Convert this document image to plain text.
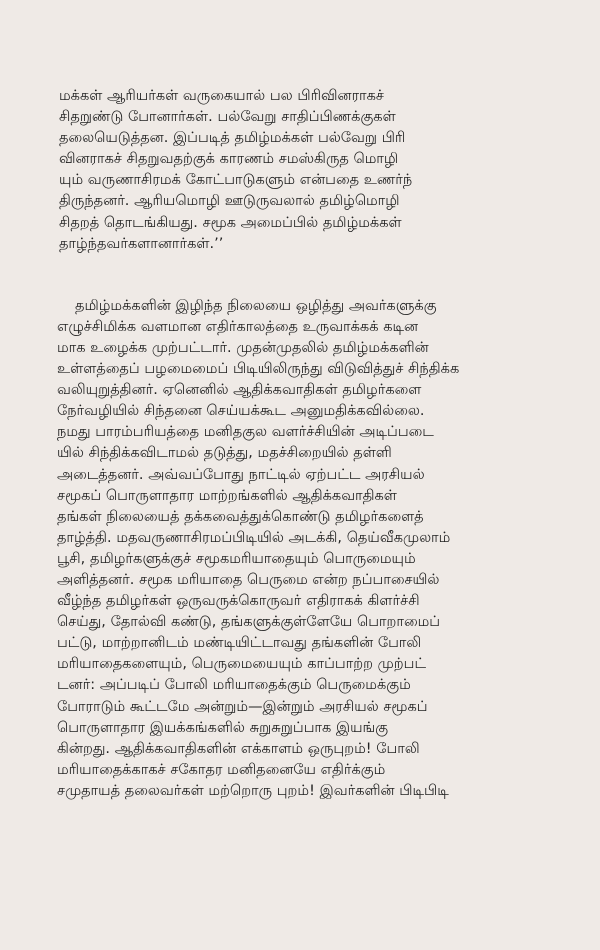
மக்கள் ஆரியர்கள் வருகையால் பல பிரிவினராகச்
சிதறுண்டு போனார்கள். பல்வேறு சாதிப்பிணக்குகள்
தலையெடுத்தன. இப்படித் தமிழ்மக்கள் பல்வேறு பிரி
வினராகச் சிதறுவதற்குக் காரணம் சமஸ்கிருத மொழி
யும் வருணாசிரமக் கோட்பாடுகளும் என்பதை உணர்ந்
திருந்தனர். ஆரியமொழி ஊடுருவலால் தமிழ்மொழி
சிதறத் தொடங்கியது. சமூக அமைப்பில் தமிழ்மக்கள்
தாழ்ந்தவர்களானார்கள்.’’
தமிழ்மக்களின் இழிந்த நிலையை ஒழித்து அவர்களுக்கு
எழுச்சிமிக்க வளமான எதிர்காலத்தை உருவாக்கக் கடின
மாக உழைக்க முற்பட்டார். முதன்முதலில் தமிழ்மக்களின்
உள்ளத்தைப் பழமைமைப் பிடியிலிருந்து விடுவித்துச் சிந்திக்க
வலியுறுத்தினர். ஏனெனில் ஆதிக்கவாதிகள் தமிழர்களை
நேர்வழியில் சிந்தனை செய்யக்கூட அனுமதிக்கவில்லை.
நமது பாரம்பரியத்தை மனிதகுல வளர்ச்சியின் அடிப்படை
யில் சிந்திக்கவிடாமல் தடுத்து, மதச்சிறையில் தள்ளி
அடைத்தனர். அவ்வப்போது நாட்டில் ஏற்பட்ட அரசியல்
சமூகப் பொருளாதார மாற்றங்களில் ஆதிக்கவாதிகள்
தங்கள் நிலையைத் தக்கவைத்துக்கொண்டு தமிழர்களைத்
தாழ்த்தி. மதவருணாசிரமப்பிடியில் அடக்கி, தெய்வீகமுலாம்
பூசி, தமிழர்களுக்குச் சமூகமரியாதையும் பொருமையும்
அளித்தனர். சமூக மரியாதை பெருமை என்ற நப்பாசையில்
வீழ்ந்த தமிழர்கள் ஒருவருக்கொருவர் எதிராகக் கிளர்ச்சி
செய்து, தோல்வி கண்டு, தங்களுக்குள்ளேயே பொறாமைப்
பட்டு, மாற்றானிடம் மண்டியிட்டாவது தங்களின் போலி
மரியாதைகளையும், பெருமையையும் காப்பாற்ற முற்பட்
டனர்: அப்படிப் போலி மரியாதைக்கும் பெருமைக்கும்
போராடும் கூட்டமே அன்றும்—இன்றும் அரசியல் சமூகப்
பொருளாதார இயக்கங்களில் சுறுசுறுப்பாக இயங்கு
கின்றது. ஆதிக்கவாதிகளின் எக்காளம் ஒருபுறம்! போலி
மரியாதைக்காகச் சகோதர மனிதனையே எதிர்க்கும்
சமுதாயத் தலைவர்கள் மற்றொரு புறம்! இவர்களின் பிடிபிடி
